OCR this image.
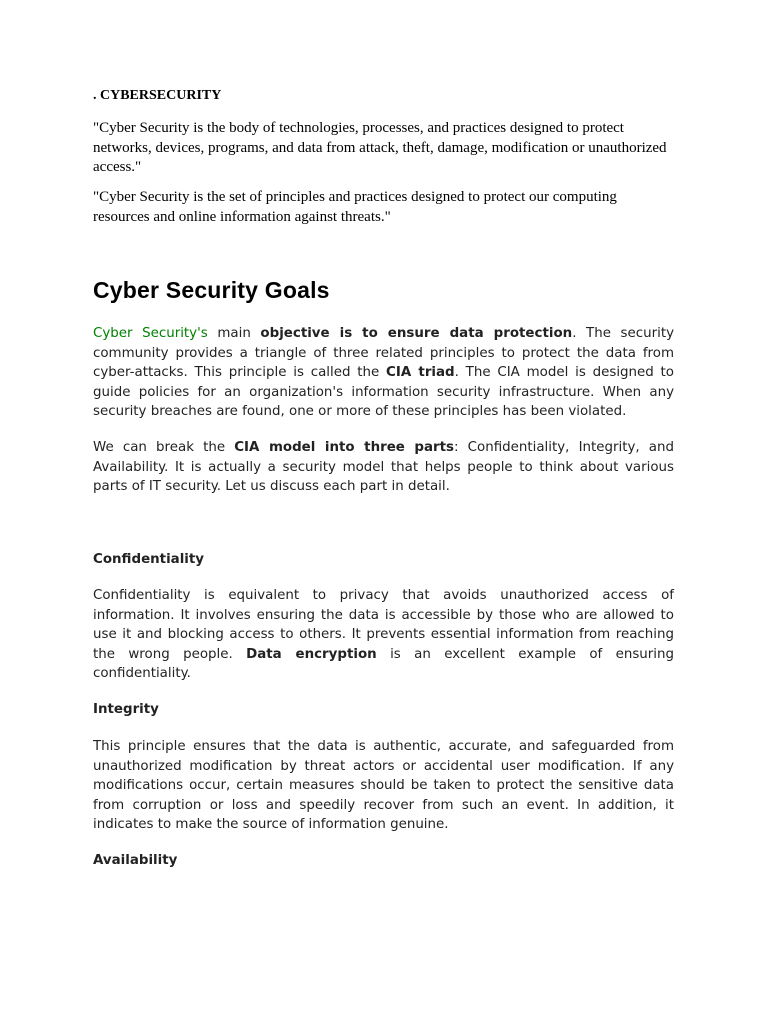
. CYBERSECURITY

"Cyber Security is the body of technologies, processes, and practices designed to protect networks, devices, programs, and data from attack, theft, damage, modification or unauthorized access."

"Cyber Security is the set of principles and practices designed to protect our computing resources and online information against threats."

Cyber Security Goals

Cyber Security's main objective is to ensure data protection. The security community provides a triangle of three related principles to protect the data from cyber-attacks. This principle is called the CIA triad. The CIA model is designed to guide policies for an organization's information security infrastructure. When any security breaches are found, one or more of these principles has been violated.

We can break the CIA model into three parts: Confidentiality, Integrity, and Availability. It is actually a security model that helps people to think about various parts of IT security. Let us discuss each part in detail.

Confidentiality

Confidentiality is equivalent to privacy that avoids unauthorized access of information. It involves ensuring the data is accessible by those who are allowed to use it and blocking access to others. It prevents essential information from reaching the wrong people. Data encryption is an excellent example of ensuring confidentiality.

Integrity

This principle ensures that the data is authentic, accurate, and safeguarded from unauthorized modification by threat actors or accidental user modification. If any modifications occur, certain measures should be taken to protect the sensitive data from corruption or loss and speedily recover from such an event. In addition, it indicates to make the source of information genuine.

Availability
